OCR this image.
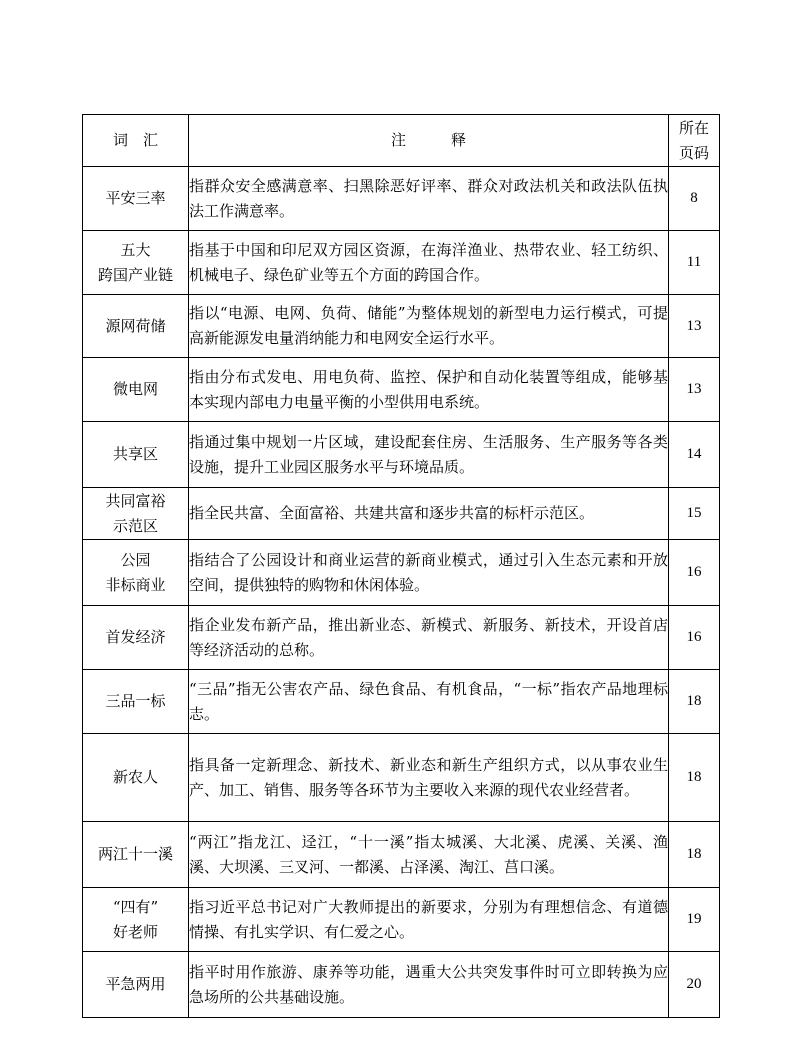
词　汇	注　　　释	所在
页码
平安三率	指群众安全感满意率、扫黑除恶好评率、群众对政法机关和政法队伍执法工作满意率。	8
五大
跨国产业链	指基于中国和印尼双方园区资源，在海洋渔业、热带农业、轻工纺织、机械电子、绿色矿业等五个方面的跨国合作。	11
源网荷储	指以“电源、电网、负荷、储能”为整体规划的新型电力运行模式，可提高新能源发电量消纳能力和电网安全运行水平。	13
微电网	指由分布式发电、用电负荷、监控、保护和自动化装置等组成，能够基本实现内部电力电量平衡的小型供用电系统。	13
共享区	指通过集中规划一片区域，建设配套住房、生活服务、生产服务等各类设施，提升工业园区服务水平与环境品质。	14
共同富裕
示范区	指全民共富、全面富裕、共建共富和逐步共富的标杆示范区。	15
公园
非标商业	指结合了公园设计和商业运营的新商业模式，通过引入生态元素和开放空间，提供独特的购物和休闲体验。	16
首发经济	指企业发布新产品，推出新业态、新模式、新服务、新技术，开设首店等经济活动的总称。	16
三品一标	“三品”指无公害农产品、绿色食品、有机食品，“一标”指农产品地理标志。	18
新农人	指具备一定新理念、新技术、新业态和新生产组织方式，以从事农业生产、加工、销售、服务等各环节为主要收入来源的现代农业经营者。	18
两江十一溪	“两江”指龙江、迳江，“十一溪”指太城溪、大北溪、虎溪、关溪、渔溪、大坝溪、三叉河、一都溪、占泽溪、淘江、莒口溪。	18
“四有”
好老师	指习近平总书记对广大教师提出的新要求，分别为有理想信念、有道德情操、有扎实学识、有仁爱之心。	19
平急两用	指平时用作旅游、康养等功能，遇重大公共突发事件时可立即转换为应急场所的公共基础设施。	20
